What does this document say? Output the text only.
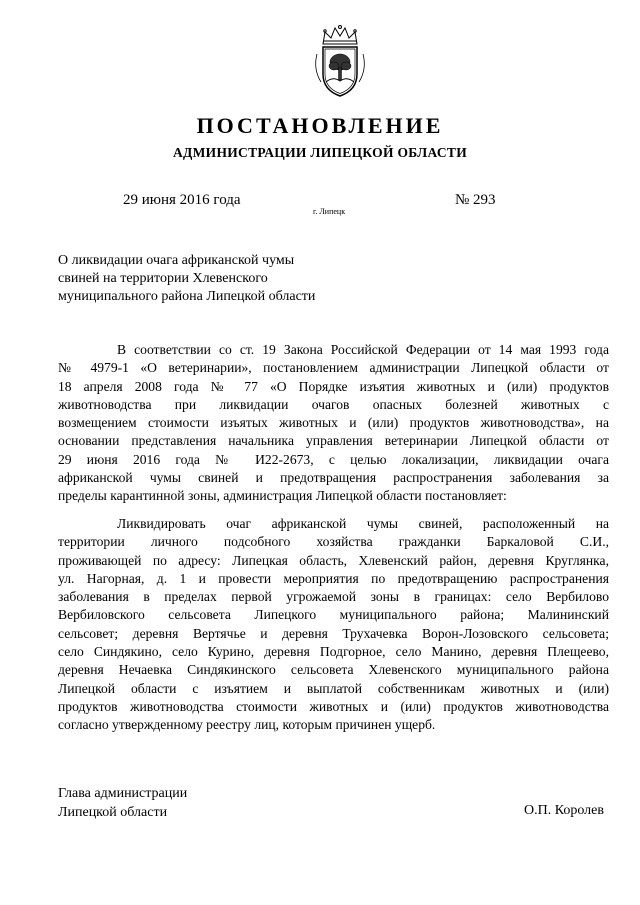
ПОСТАНОВЛЕНИЕ
АДМИНИСТРАЦИИ ЛИПЕЦКОЙ ОБЛАСТИ
29 июня 2016 года
г. Липецк
№ 293
О ликвидации очага африканской чумы
свиней на территории Хлевенского
муниципального района Липецкой области
В соответствии со ст. 19 Закона Российской Федерации от 14 мая 1993 года
№ 4979-1 «О ветеринарии», постановлением администрации Липецкой области от
18 апреля 2008 года № 77 «О Порядке изъятия животных и (или) продуктов
животноводства при ликвидации очагов опасных болезней животных с
возмещением стоимости изъятых животных и (или) продуктов животноводства», на
основании представления начальника управления ветеринарии Липецкой области от
29 июня 2016 года № И22-2673, с целью локализации, ликвидации очага
африканской чумы свиней и предотвращения распространения заболевания за
пределы карантинной зоны, администрация Липецкой области постановляет:
Ликвидировать очаг африканской чумы свиней, расположенный на
территории личного подсобного хозяйства гражданки Баркаловой С.И.,
проживающей по адресу: Липецкая область, Хлевенский район, деревня Круглянка,
ул. Нагорная, д. 1 и провести мероприятия по предотвращению распространения
заболевания в пределах первой угрожаемой зоны в границах: село Вербилово
Вербиловского сельсовета Липецкого муниципального района; Малининский
сельсовет; деревня Вертячье и деревня Трухачевка Ворон-Лозовского сельсовета;
село Синдякино, село Курино, деревня Подгорное, село Манино, деревня Плещеево,
деревня Нечаевка Синдякинского сельсовета Хлевенского муниципального района
Липецкой области с изъятием и выплатой собственникам животных и (или)
продуктов животноводства стоимости животных и (или) продуктов животноводства
согласно утвержденному реестру лиц, которым причинен ущерб.
Глава администрации
Липецкой области	О.П. Королев
